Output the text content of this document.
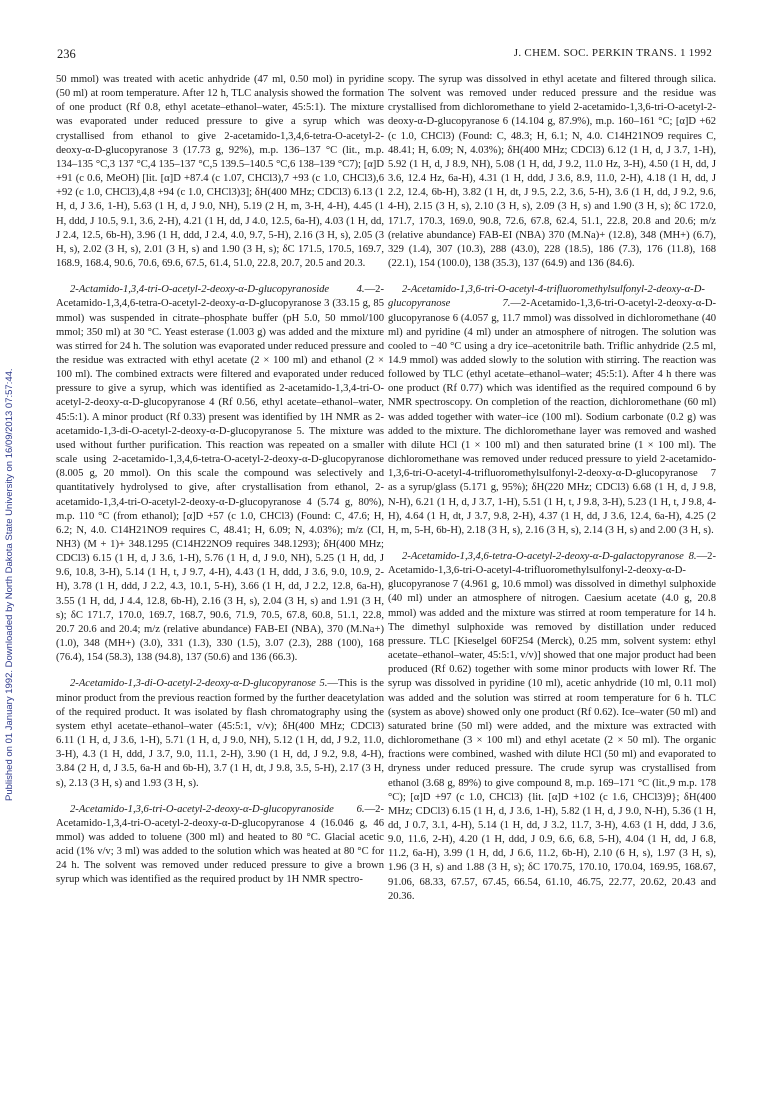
236	J. CHEM. SOC. PERKIN TRANS. 1 1992
Published on 01 January 1992. Downloaded by North Dakota State University on 16/09/2013 07:57:44.

50 mmol) was treated with acetic anhydride (47 ml, 0.50 mol) in pyridine (50 ml) at room temperature. After 12 h, TLC analysis showed the formation of one product (Rf 0.8, ethyl acetate–ethanol–water, 45:5:1). The mixture was evaporated under reduced pressure to give a syrup which was crystallised from ethanol to give 2-acetamido-1,3,4,6-tetra-O-acetyl-2-deoxy-α-D-glucopyranose 3 (17.73 g, 92%), m.p. 136–137 °C (lit., m.p. 134–135 °C,3 137 °C,4 135–137 °C,5 139.5–140.5 °C,6 138–139 °C7); [α]D +91 (c 0.6, MeOH) [lit. [α]D +87.4 (c 1.07, CHCl3),7 +93 (c 1.0, CHCl3),6 +92 (c 1.0, CHCl3),4,8 +94 (c 1.0, CHCl3)3]; δH(400 MHz; CDCl3) 6.13 (1 H, d, J 3.6, 1-H), 5.63 (1 H, d, J 9.0, NH), 5.19 (2 H, m, 3-H, 4-H), 4.45 (1 H, ddd, J 10.5, 9.1, 3.6, 2-H), 4.21 (1 H, dd, J 4.0, 12.5, 6a-H), 4.03 (1 H, dd, J 2.4, 12.5, 6b-H), 3.96 (1 H, ddd, J 2.4, 4.0, 9.7, 5-H), 2.16 (3 H, s), 2.05 (3 H, s), 2.02 (3 H, s), 2.01 (3 H, s) and 1.90 (3 H, s); δC 171.5, 170.5, 169.7, 168.9, 168.4, 90.6, 70.6, 69.6, 67.5, 61.4, 51.0, 22.8, 20.7, 20.5 and 20.3.

2-Actamido-1,3,4-tri-O-acetyl-2-deoxy-α-D-glucopyranoside 4.—2-Acetamido-1,3,4,6-tetra-O-acetyl-2-deoxy-α-D-glucopyranose 3 (33.15 g, 85 mmol) was suspended in citrate–phosphate buffer (pH 5.0, 50 mmol/100 mmol; 350 ml) at 30 °C. Yeast esterase (1.003 g) was added and the mixture was stirred for 24 h. The solution was evaporated under reduced pressure and the residue was extracted with ethyl acetate (2 × 100 ml) and ethanol (2 × 100 ml). The combined extracts were filtered and evaporated under reduced pressure to give a syrup, which was identified as 2-acetamido-1,3,4-tri-O-acetyl-2-deoxy-α-D-glucopyranose 4 (Rf 0.56, ethyl acetate–ethanol–water, 45:5:1). A minor product (Rf 0.33) present was identified by 1H NMR as 2-acetamido-1,3-di-O-acetyl-2-deoxy-α-D-glucopyranose 5. The mixture was used without further purification. This reaction was repeated on a smaller scale using 2-acetamido-1,3,4,6-tetra-O-acetyl-2-deoxy-α-D-glucopyranose (8.005 g, 20 mmol). On this scale the compound was selectively and quantitatively hydrolysed to give, after crystallisation from ethanol, 2-acetamido-1,3,4-tri-O-acetyl-2-deoxy-α-D-glucopyranose 4 (5.74 g, 80%), m.p. 110 °C (from ethanol); [α]D +57 (c 1.0, CHCl3) (Found: C, 47.6; H, 6.2; N, 4.0. C14H21NO9 requires C, 48.41; H, 6.09; N, 4.03%); m/z (CI, NH3) (M + 1)+ 348.1295 (C14H22NO9 requires 348.1293); δH(400 MHz; CDCl3) 6.15 (1 H, d, J 3.6, 1-H), 5.76 (1 H, d, J 9.0, NH), 5.25 (1 H, dd, J 9.6, 10.8, 3-H), 5.14 (1 H, t, J 9.7, 4-H), 4.43 (1 H, ddd, J 3.6, 9.0, 10.9, 2-H), 3.78 (1 H, ddd, J 2.2, 4.3, 10.1, 5-H), 3.66 (1 H, dd, J 2.2, 12.8, 6a-H), 3.55 (1 H, dd, J 4.4, 12.8, 6b-H), 2.16 (3 H, s), 2.04 (3 H, s) and 1.91 (3 H, s); δC 171.7, 170.0, 169.7, 168.7, 90.6, 71.9, 70.5, 67.8, 60.8, 51.1, 22.8, 20.7 20.6 and 20.4; m/z (relative abundance) FAB-EI (NBA), 370 (M.Na+) (1.0), 348 (MH+) (3.0), 331 (1.3), 330 (1.5), 3.07 (2.3), 288 (100), 168 (76.4), 154 (58.3), 138 (94.8), 137 (50.6) and 136 (66.3).

2-Acetamido-1,3-di-O-acetyl-2-deoxy-α-D-glucopyranose 5.—This is the minor product from the previous reaction formed by the further deacetylation of the required product. It was isolated by flash chromatography using the system ethyl acetate–ethanol–water (45:5:1, v/v); δH(400 MHz; CDCl3) 6.11 (1 H, d, J 3.6, 1-H), 5.71 (1 H, d, J 9.0, NH), 5.12 (1 H, dd, J 9.2, 11.0, 3-H), 4.3 (1 H, ddd, J 3.7, 9.0, 11.1, 2-H), 3.90 (1 H, dd, J 9.2, 9.8, 4-H), 3.84 (2 H, d, J 3.5, 6a-H and 6b-H), 3.7 (1 H, dt, J 9.8, 3.5, 5-H), 2.17 (3 H, s), 2.13 (3 H, s) and 1.93 (3 H, s).

2-Acetamido-1,3,6-tri-O-acetyl-2-deoxy-α-D-glucopyranoside 6.—2-Acetamido-1,3,4-tri-O-acetyl-2-deoxy-α-D-glucopyranose 4 (16.046 g, 46 mmol) was added to toluene (300 ml) and heated to 80 °C. Glacial acetic acid (1% v/v; 3 ml) was added to the solution which was heated at 80 °C for 24 h. The solvent was removed under reduced pressure to give a brown syrup which was identified as the required product by 1H NMR spectro-

scopy. The syrup was dissolved in ethyl acetate and filtered through silica. The solvent was removed under reduced pressure and the residue was crystallised from dichloromethane to yield 2-acetamido-1,3,6-tri-O-acetyl-2-deoxy-α-D-glucopyranose 6 (14.104 g, 87.9%), m.p. 160–161 °C; [α]D +62 (c 1.0, CHCl3) (Found: C, 48.3; H, 6.1; N, 4.0. C14H21NO9 requires C, 48.41; H, 6.09; N, 4.03%); δH(400 MHz; CDCl3) 6.12 (1 H, d, J 3.7, 1-H), 5.92 (1 H, d, J 8.9, NH), 5.08 (1 H, dd, J 9.2, 11.0 Hz, 3-H), 4.50 (1 H, dd, J 3.6, 12.4 Hz, 6a-H), 4.31 (1 H, ddd, J 3.6, 8.9, 11.0, 2-H), 4.18 (1 H, dd, J 2.2, 12.4, 6b-H), 3.82 (1 H, dt, J 9.5, 2.2, 3.6, 5-H), 3.6 (1 H, dd, J 9.2, 9.6, 4-H), 2.15 (3 H, s), 2.10 (3 H, s), 2.09 (3 H, s) and 1.90 (3 H, s); δC 172.0, 171.7, 170.3, 169.0, 90.8, 72.6, 67.8, 62.4, 51.1, 22.8, 20.8 and 20.6; m/z (relative abundance) FAB-EI (NBA) 370 (M.Na)+ (12.8), 348 (MH+) (6.7), 329 (1.4), 307 (10.3), 288 (43.0), 228 (18.5), 186 (7.3), 176 (11.8), 168 (22.1), 154 (100.0), 138 (35.3), 137 (64.9) and 136 (84.6).

2-Acetamido-1,3,6-tri-O-acetyl-4-trifluoromethylsulfonyl-2-deoxy-α-D-glucopyranose 7.—2-Acetamido-1,3,6-tri-O-acetyl-2-deoxy-α-D-glucopyranose 6 (4.057 g, 11.7 mmol) was dissolved in dichloromethane (40 ml) and pyridine (4 ml) under an atmosphere of nitrogen. The solution was cooled to −40 °C using a dry ice–acetonitrile bath. Triflic anhydride (2.5 ml, 14.9 mmol) was added slowly to the solution with stirring. The reaction was followed by TLC (ethyl acetate–ethanol–water; 45:5:1). After 4 h there was one product (Rf 0.77) which was identified as the required compound 6 by NMR spectroscopy. On completion of the reaction, dichloromethane (60 ml) was added together with water–ice (100 ml). Sodium carbonate (0.2 g) was added to the mixture. The dichloromethane layer was removed and washed with dilute HCl (1 × 100 ml) and then saturated brine (1 × 100 ml). The dichloromethane was removed under reduced pressure to yield 2-acetamido-1,3,6-tri-O-acetyl-4-trifluoromethylsulfonyl-2-deoxy-α-D-glucopyranose 7 as a syrup/glass (5.171 g, 95%); δH(220 MHz; CDCl3) 6.68 (1 H, d, J 9.8, N-H), 6.21 (1 H, d, J 3.7, 1-H), 5.51 (1 H, t, J 9.8, 3-H), 5.23 (1 H, t, J 9.8, 4-H), 4.64 (1 H, dt, J 3.7, 9.8, 2-H), 4.37 (1 H, dd, J 3.6, 12.4, 6a-H), 4.25 (2 H, m, 5-H, 6b-H), 2.18 (3 H, s), 2.16 (3 H, s), 2.14 (3 H, s) and 2.00 (3 H, s).

2-Acetamido-1,3,4,6-tetra-O-acetyl-2-deoxy-α-D-galactopyranose 8.—2-Acetamido-1,3,6-tri-O-acetyl-4-trifluoromethylsulfonyl-2-deoxy-α-D-glucopyranose 7 (4.961 g, 10.6 mmol) was dissolved in dimethyl sulphoxide (40 ml) under an atmosphere of nitrogen. Caesium acetate (4.0 g, 20.8 mmol) was added and the mixture was stirred at room temperature for 14 h. The dimethyl sulphoxide was removed by distillation under reduced pressure. TLC [Kieselgel 60F254 (Merck), 0.25 mm, solvent system: ethyl acetate–ethanol–water, 45:5:1, v/v)] showed that one major product had been produced (Rf 0.62) together with some minor products with lower Rf. The syrup was dissolved in pyridine (10 ml), acetic anhydride (10 ml, 0.11 mol) was added and the solution was stirred at room temperature for 6 h. TLC (system as above) showed only one product (Rf 0.62). Ice–water (50 ml) and saturated brine (50 ml) were added, and the mixture was extracted with dichloromethane (3 × 100 ml) and ethyl acetate (2 × 50 ml). The organic fractions were combined, washed with dilute HCl (50 ml) and evaporated to dryness under reduced pressure. The crude syrup was crystallised from ethanol (3.68 g, 89%) to give compound 8, m.p. 169–171 °C (lit.,9 m.p. 178 °C); [α]D +97 (c 1.0, CHCl3) {lit. [α]D +102 (c 1.6, CHCl3)9}; δH(400 MHz; CDCl3) 6.15 (1 H, d, J 3.6, 1-H), 5.82 (1 H, d, J 9.0, N-H), 5.36 (1 H, dd, J 0.7, 3.1, 4-H), 5.14 (1 H, dd, J 3.2, 11.7, 3-H), 4.63 (1 H, ddd, J 3.6, 9.0, 11.6, 2-H), 4.20 (1 H, ddd, J 0.9, 6.6, 6.8, 5-H), 4.04 (1 H, dd, J 6.8, 11.2, 6a-H), 3.99 (1 H, dd, J 6.6, 11.2, 6b-H), 2.10 (6 H, s), 1.97 (3 H, s), 1.96 (3 H, s) and 1.88 (3 H, s); δC 170.75, 170.10, 170.04, 169.95, 168.67, 91.06, 68.33, 67.57, 67.45, 66.54, 61.10, 46.75, 22.77, 20.62, 20.43 and 20.36.
